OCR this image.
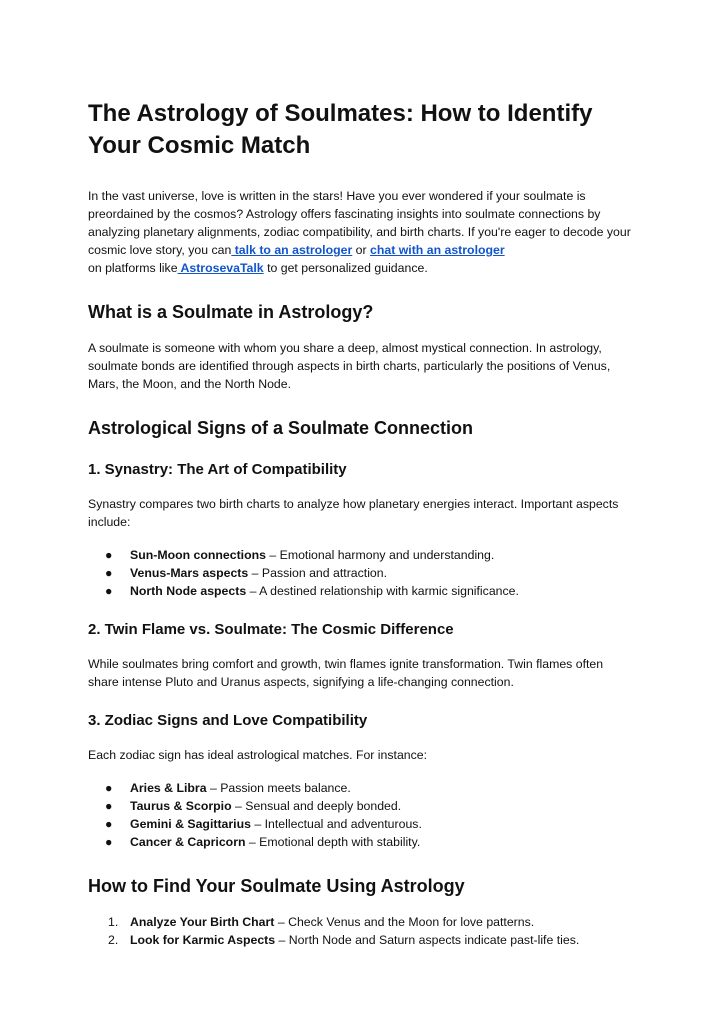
The Astrology of Soulmates: How to Identify Your Cosmic Match

In the vast universe, love is written in the stars! Have you ever wondered if your soulmate is preordained by the cosmos? Astrology offers fascinating insights into soulmate connections by analyzing planetary alignments, zodiac compatibility, and birth charts. If you're eager to decode your cosmic love story, you can talk to an astrologer or chat with an astrologer
on platforms like AstrosevaTalk to get personalized guidance.

What is a Soulmate in Astrology?

A soulmate is someone with whom you share a deep, almost mystical connection. In astrology, soulmate bonds are identified through aspects in birth charts, particularly the positions of Venus, Mars, the Moon, and the North Node.

Astrological Signs of a Soulmate Connection
1. Synastry: The Art of Compatibility

Synastry compares two birth charts to analyze how planetary energies interact. Important aspects include:

● Sun-Moon connections – Emotional harmony and understanding.
● Venus-Mars aspects – Passion and attraction.
● North Node aspects – A destined relationship with karmic significance.
2. Twin Flame vs. Soulmate: The Cosmic Difference

While soulmates bring comfort and growth, twin flames ignite transformation. Twin flames often share intense Pluto and Uranus aspects, signifying a life-changing connection.

3. Zodiac Signs and Love Compatibility

Each zodiac sign has ideal astrological matches. For instance:

● Aries & Libra – Passion meets balance.
● Taurus & Scorpio – Sensual and deeply bonded.
● Gemini & Sagittarius – Intellectual and adventurous.
● Cancer & Capricorn – Emotional depth with stability.
How to Find Your Soulmate Using Astrology
1. Analyze Your Birth Chart – Check Venus and the Moon for love patterns.
2. Look for Karmic Aspects – North Node and Saturn aspects indicate past-life ties.
